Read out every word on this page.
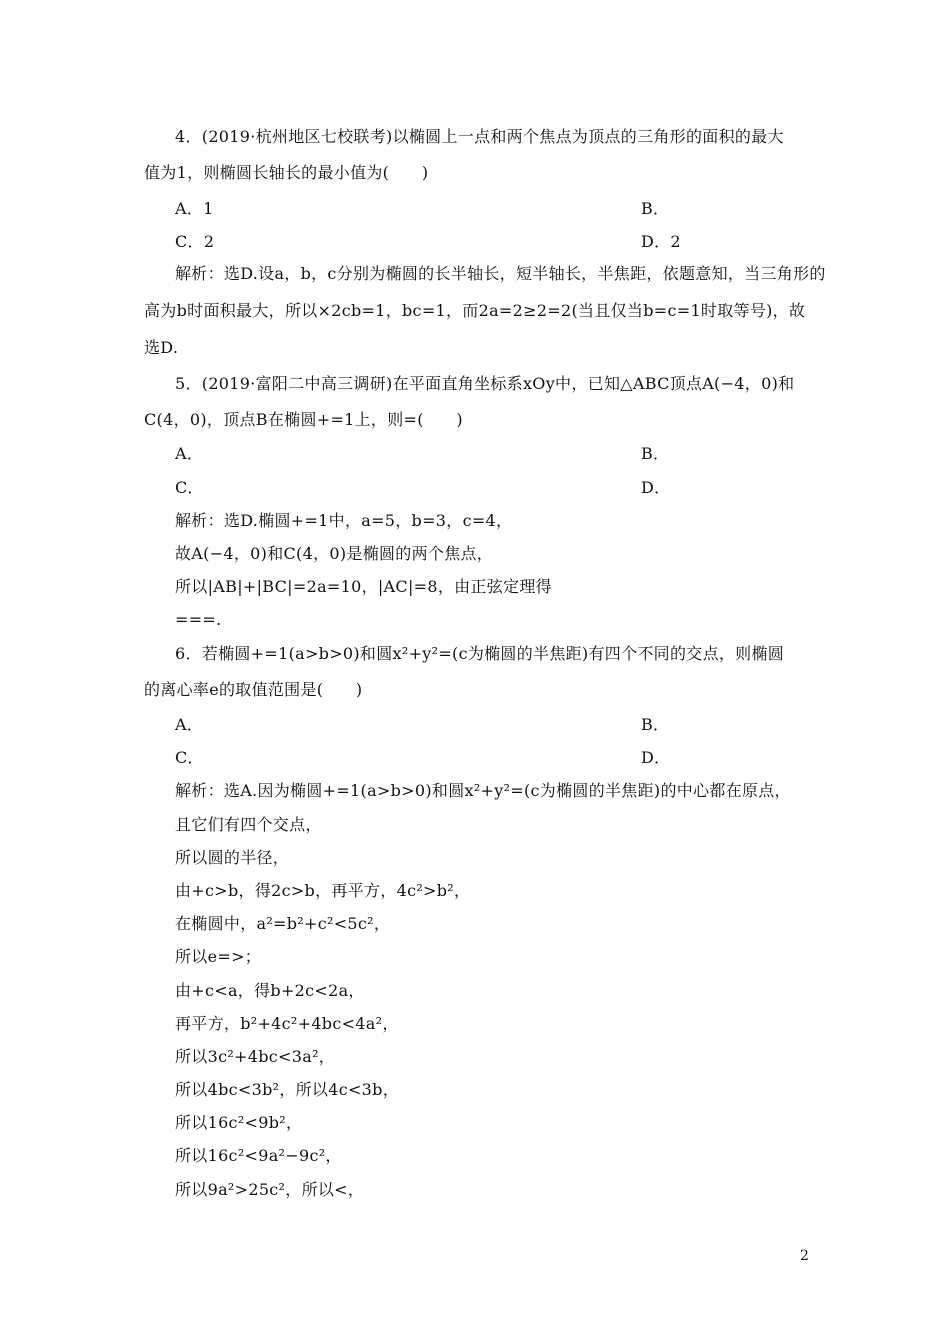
4．(2019·杭州地区七校联考)以椭圆上一点和两个焦点为顶点的三角形的面积的最大
值为1，则椭圆长轴长的最小值为(　　)
A．1	B．
C．2	D．2
解析：选D.设a，b，c分别为椭圆的长半轴长，短半轴长，半焦距，依题意知，当三角形的
高为b时面积最大，所以×2cb=1，bc=1，而2a=2≥2=2(当且仅当b=c=1时取等号)，故
选D.
5．(2019·富阳二中高三调研)在平面直角坐标系xOy中，已知△ABC顶点A(−4，0)和
C(4，0)，顶点B在椭圆+=1上，则=(　　)
A．	B．
C．	D．
解析：选D.椭圆+=1中，a=5，b=3，c=4，
故A(−4，0)和C(4，0)是椭圆的两个焦点，
所以|AB|+|BC|=2a=10，|AC|=8，由正弦定理得
===.
6．若椭圆+=1(a>b>0)和圆x²+y²=(c为椭圆的半焦距)有四个不同的交点，则椭圆
的离心率e的取值范围是(　　)
A．	B．
C．	D．
解析：选A.因为椭圆+=1(a>b>0)和圆x²+y²=(c为椭圆的半焦距)的中心都在原点，
且它们有四个交点，
所以圆的半径，
由+c>b，得2c>b，再平方，4c²>b²，
在椭圆中，a²=b²+c²<5c²，
所以e=>；
由+c<a，得b+2c<2a，
再平方，b²+4c²+4bc<4a²，
所以3c²+4bc<3a²，
所以4bc<3b²，所以4c<3b，
所以16c²<9b²，
所以16c²<9a²−9c²，
所以9a²>25c²，所以<，
2
